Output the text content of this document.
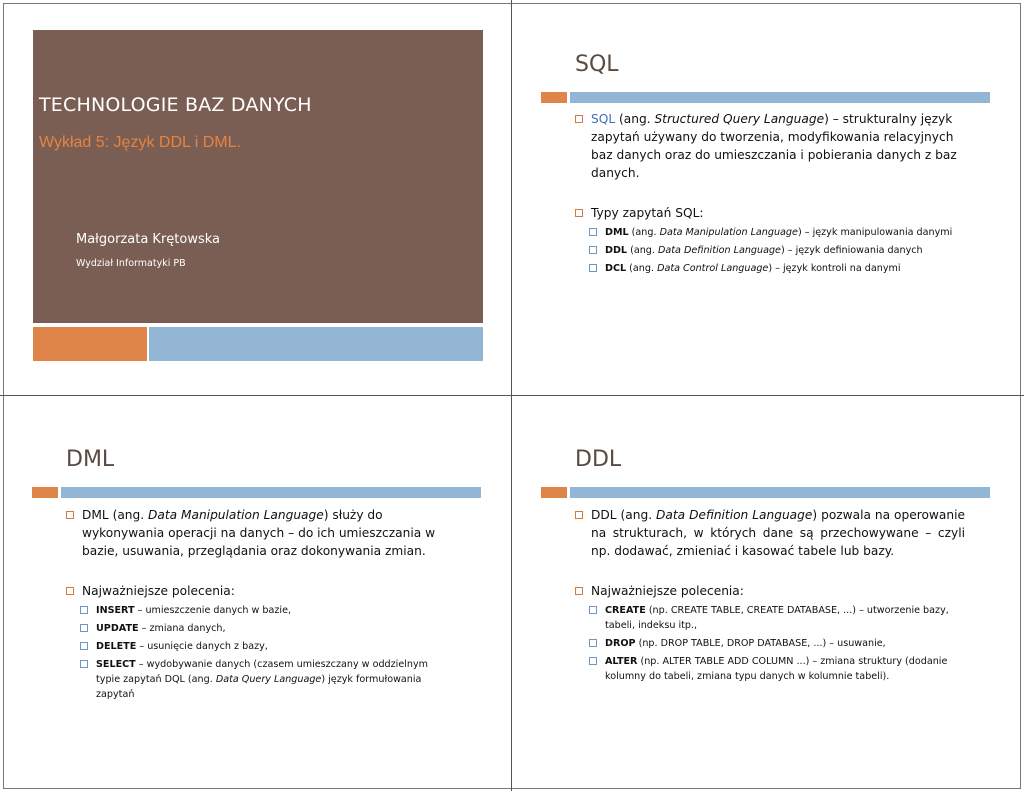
TECHNOLOGIE BAZ DANYCH
Wykład 5: Język DDL i DML.
Małgorzata Krętowska
Wydział Informatyki PB
SQL
SQL (ang. Structured Query Language) – strukturalny język zapytań używany do tworzenia, modyfikowania relacyjnych baz danych oraz do umieszczania i pobierania danych z baz danych.
Typy zapytań SQL:
DML (ang. Data Manipulation Language) – język manipulowania danymi
DDL (ang. Data Definition Language) – język definiowania danych
DCL (ang. Data Control Language) – język kontroli na danymi
DML
DML (ang. Data Manipulation Language) służy do wykonywania operacji na danych – do ich umieszczania w bazie, usuwania, przeglądania oraz dokonywania zmian.
Najważniejsze polecenia:
INSERT – umieszczenie danych w bazie,
UPDATE – zmiana danych,
DELETE – usunięcie danych z bazy,
SELECT – wydobywanie danych (czasem umieszczany w oddzielnym typie zapytań DQL (ang. Data Query Language) język formułowania zapytań
DDL
DDL (ang. Data Definition Language) pozwala na operowanie na strukturach, w których dane są przechowywane – czyli np. dodawać, zmieniać i kasować tabele lub bazy.
Najważniejsze polecenia:
CREATE (np. CREATE TABLE, CREATE DATABASE, ...) – utworzenie bazy, tabeli, indeksu itp.,
DROP (np. DROP TABLE, DROP DATABASE, ...) – usuwanie,
ALTER (np. ALTER TABLE ADD COLUMN ...) – zmiana struktury (dodanie kolumny do tabeli, zmiana typu danych w kolumnie tabeli).
